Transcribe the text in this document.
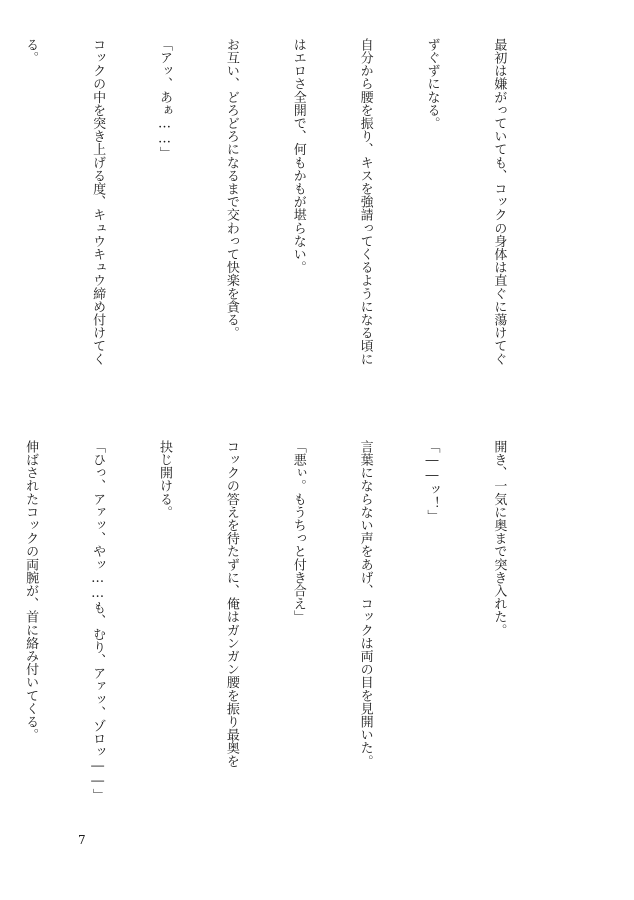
最初は嫌がっていても、コックの身体は直ぐに蕩けてぐ

ずぐずになる。

自分から腰を振り、キスを強請ってくるようになる頃に

はエロさ全開で、何もかもが堪らない。

お互い、どろどろになるまで交わって快楽を貪る。

「アッ、あぁ……」

コックの中を突き上げる度、キュウキュウ締め付けてく

る。

開き、一気に奥まで突き入れた。

「――ッ！」

言葉にならない声をあげ、コックは両の目を見開いた。

「悪ぃ。もうちっと付き合え」

コックの答えを待たずに、俺はガンガン腰を振り最奥を

抉じ開ける。

「ひっ、アァッ、やッ……も、むり、アァッ、ゾロッ――」

伸ばされたコックの両腕が、首に絡み付いてくる。

7
